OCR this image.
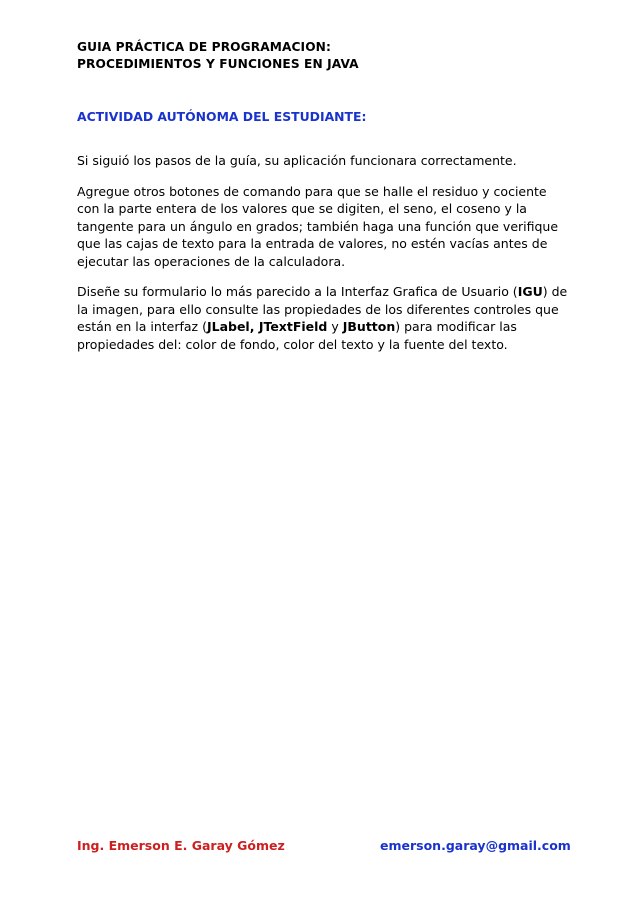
GUIA PRÁCTICA DE PROGRAMACION:
PROCEDIMIENTOS Y FUNCIONES EN JAVA
ACTIVIDAD AUTÓNOMA DEL ESTUDIANTE:

Si siguió los pasos de la guía, su aplicación funcionara correctamente.

Agregue otros botones de comando para que se halle el residuo y cociente con la parte entera de los valores que se digiten, el seno, el coseno y la tangente para un ángulo en grados; también haga una función que verifique que las cajas de texto para la entrada de valores, no estén vacías antes de ejecutar las operaciones de la calculadora.

Diseñe su formulario lo más parecido a la Interfaz Grafica de Usuario (IGU) de la imagen, para ello consulte las propiedades de los diferentes controles que están en la interfaz (JLabel, JTextField y JButton) para modificar las propiedades del: color de fondo, color del texto y la fuente del texto.

Ing. Emerson E. Garay Gómez	emerson.garay@gmail.com
